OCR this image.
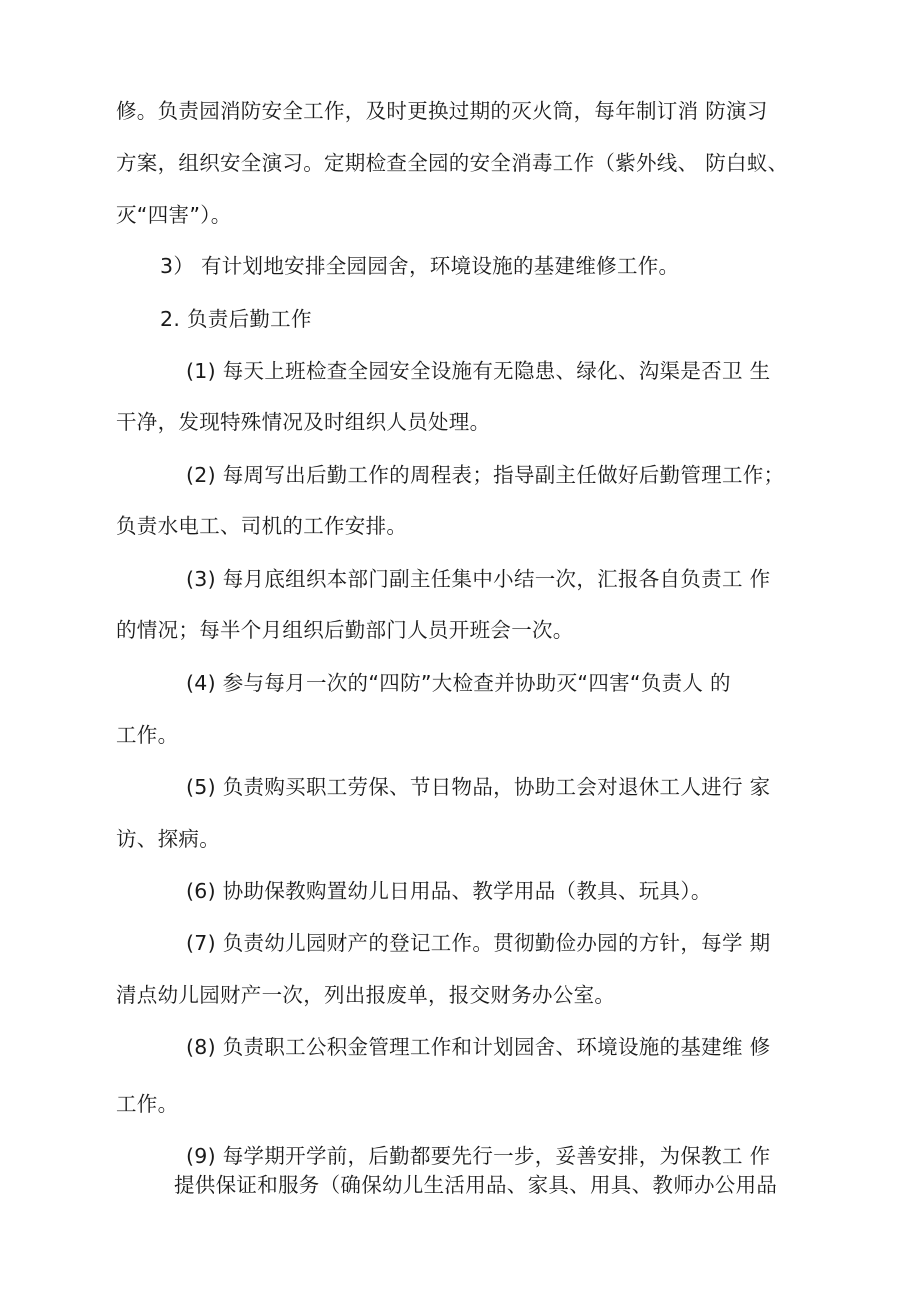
修。负责园消防安全工作，及时更换过期的灭火筒，每年制订消 防演习
方案，组织安全演习。定期检查全园的安全消毒工作（紫外线、 防白蚁、
灭“四害”）。
3） 有计划地安排全园园舍，环境设施的基建维修工作。
2. 负责后勤工作
(1) 每天上班检查全园安全设施有无隐患、绿化、沟渠是否卫 生
干净，发现特殊情况及时组织人员处理。
(2) 每周写出后勤工作的周程表；指导副主任做好后勤管理工作；
负责水电工、司机的工作安排。
(3) 每月底组织本部门副主任集中小结一次，汇报各自负责工 作
的情况；每半个月组织后勤部门人员开班会一次。
(4) 参与每月一次的“四防”大检查并协助灭“四害“负责人 的
工作。
(5) 负责购买职工劳保、节日物品，协助工会对退休工人进行 家
访、探病。
(6) 协助保教购置幼儿日用品、教学用品（教具、玩具）。
(7) 负责幼儿园财产的登记工作。贯彻勤俭办园的方针，每学 期
清点幼儿园财产一次，列出报废单，报交财务办公室。
(8) 负责职工公积金管理工作和计划园舍、环境设施的基建维 修
工作。
(9) 每学期开学前，后勤都要先行一步，妥善安排，为保教工 作
提供保证和服务（确保幼儿生活用品、家具、用具、教师办公用品
